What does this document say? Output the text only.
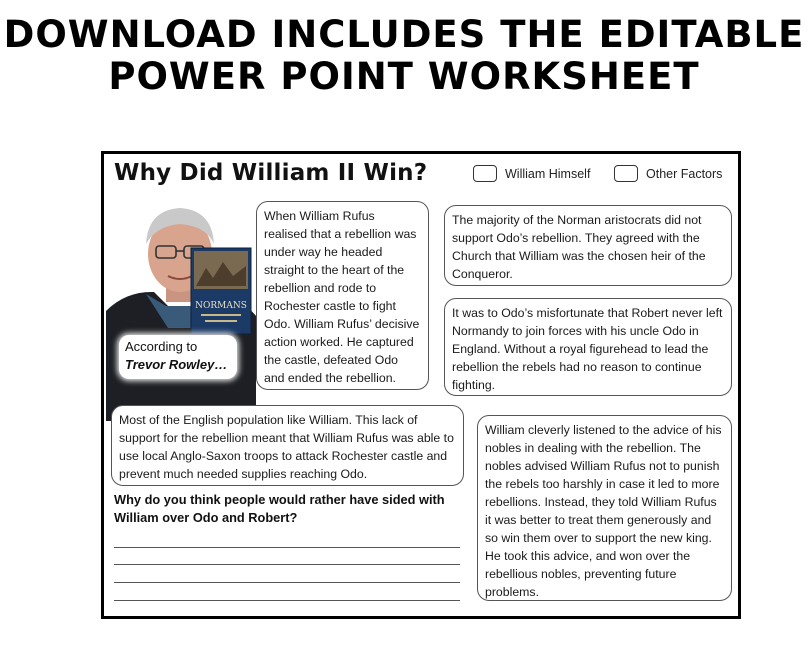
DOWNLOAD INCLUDES THE EDITABLE
POWER POINT WORKSHEET
Why Did William II Win?	William Himself	Other Factors
NORMANS
According to
Trevor Rowley…
When William Rufus realised that a rebellion was under way he headed straight to the heart of the rebellion and rode to Rochester castle to fight Odo. William Rufus’ decisive action worked. He captured the castle, defeated Odo and ended the rebellion.
The majority of the Norman aristocrats did not support Odo’s rebellion. They agreed with the Church that William was the chosen heir of the Conqueror.
It was to Odo’s misfortunate that Robert never left Normandy to join forces with his uncle Odo in England. Without a royal figurehead to lead the rebellion the rebels had no reason to continue fighting.
Most of the English population like William. This lack of support for the rebellion meant that William Rufus was able to use local Anglo-Saxon troops to attack Rochester castle and prevent much needed supplies reaching Odo.
William cleverly listened to the advice of his nobles in dealing with the rebellion. The nobles advised William Rufus not to punish the rebels too harshly in case it led to more rebellions. Instead, they told William Rufus it was better to treat them generously and so win them over to support the new king. He took this advice, and won over the rebellious nobles, preventing future problems.
Why do you think people would rather have sided with William over Odo and Robert?
